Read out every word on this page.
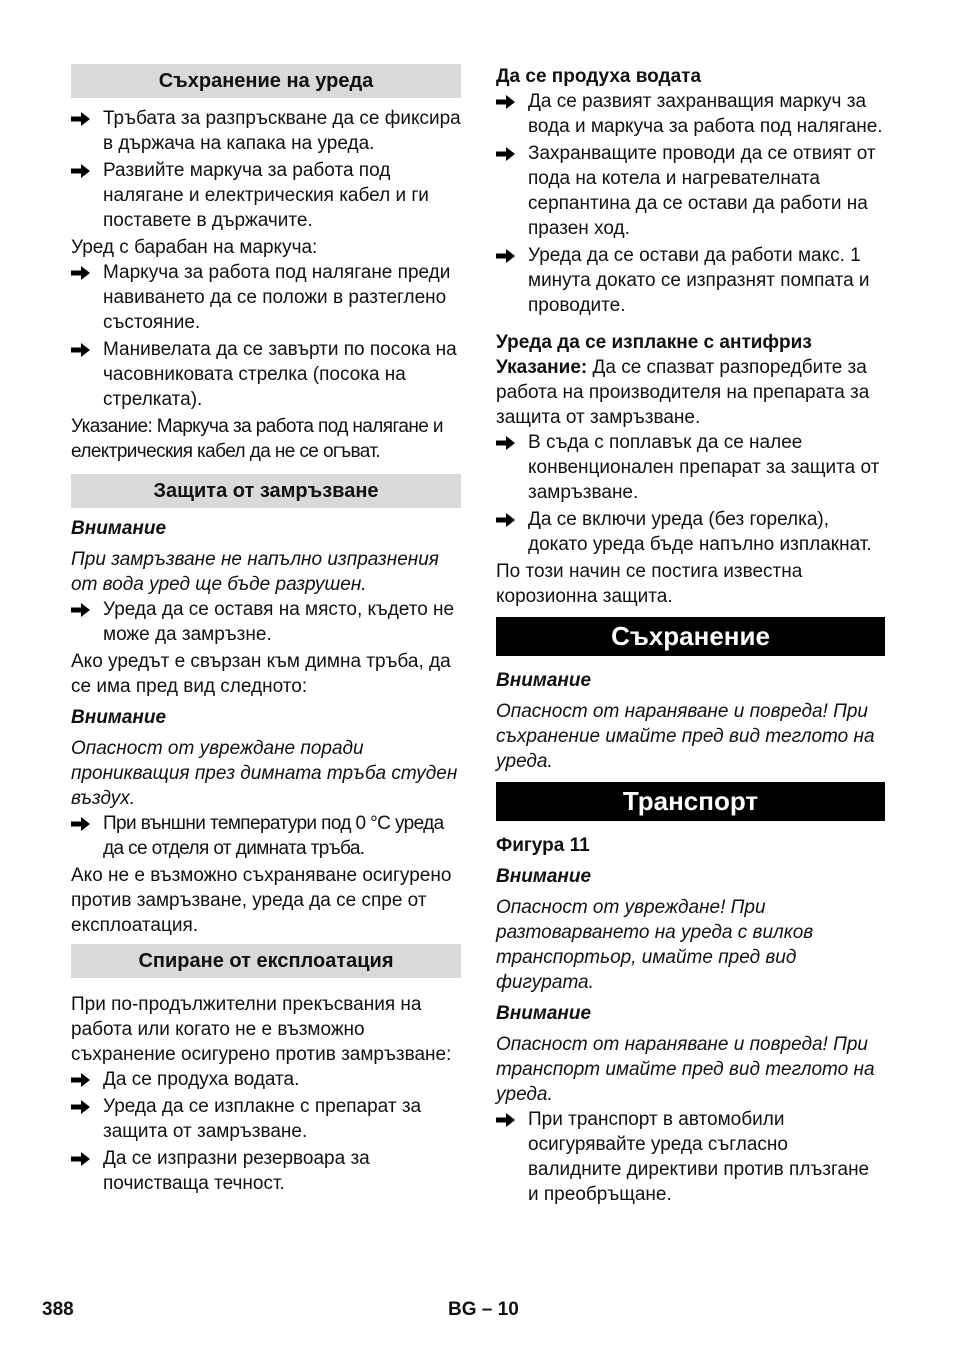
Съхранение на уреда
Тръбата за разпръскване да се фиксира в държача на капака на уреда.
Развийте маркуча за работа под налягане и електрическия кабел и ги поставете в държачите.

Уред с барабан на маркуча:

Маркуча за работа под налягане преди навиването да се положи в разтеглено състояние.
Манивелата да се завърти по посока на часовниковата стрелка (посока на стрелката).

Указание: Маркуча за работа под налягане и електрическия кабел да не се огъват.

Защита от замръзване

Внимание

При замръзване не напълно изпразнения от вода уред ще бъде разрушен.

Уреда да се оставя на място, където не може да замръзне.

Ако уредът е свързан към димна тръба, да се има пред вид следното:

Внимание

Опасност от увреждане поради проникващия през димната тръба студен въздух.

При външни температури под 0 °C уреда да се отделя от димната тръба.

Ако не е възможно съхраняване осигурено против замръзване, уреда да се спре от експлоатация.

Спиране от експлоатация

При по-продължителни прекъсвания на работа или когато не е възможно съхранение осигурено против замръзване:

Да се продуха водата.
Уреда да се изплакне с препарат за защита от замръзване.
Да се изпразни резервоара за почистваща течност.

Да се продуха водата

Да се развият захранващия маркуч за вода и маркуча за работа под налягане.
Захранващите проводи да се отвият от пода на котела и нагревателната серпантина да се остави да работи на празен ход.
Уреда да се остави да работи макс. 1 минута докато се изпразнят помпата и проводите.

Уреда да се изплакне с антифриз

Указание: Да се спазват разпоредбите за работа на производителя на препарата за защита от замръзване.

В съда с поплавък да се налее конвенционален препарат за защита от замръзване.
Да се включи уреда (без горелка), докато уреда бъде напълно изплакнат.

По този начин се постига известна корозионна защита.

Съхранение

Внимание

Опасност от нараняване и повреда! При съхранение имайте пред вид теглото на уреда.

Транспорт

Фигура 11

Внимание

Опасност от увреждане! При разтоварването на уреда с вилков транспортьор, имайте пред вид фигурата.

Внимание

Опасност от нараняване и повреда! При транспорт имайте пред вид теглото на уреда.

При транспорт в автомобили осигурявайте уреда съгласно валидните директиви против плъзгане и преобръщане.
388	BG – 10
